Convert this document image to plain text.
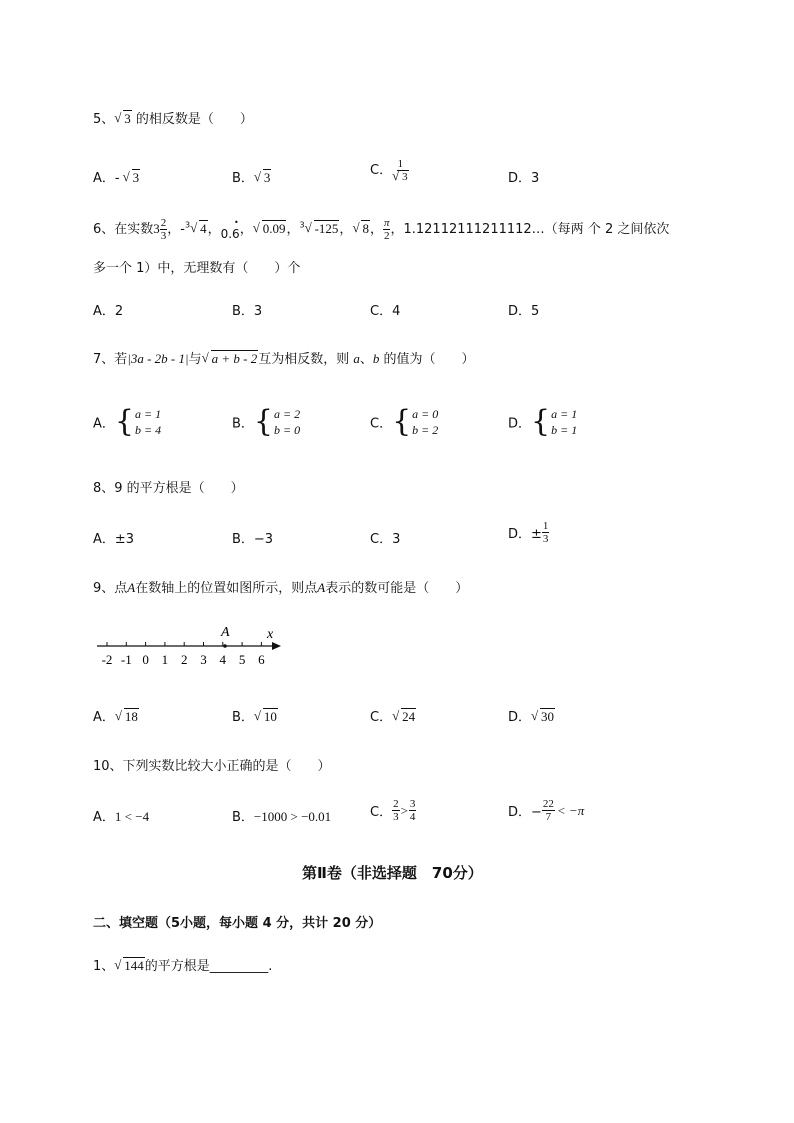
5、 √ 3 的相反数是（　　）
A．- √ 3	B． √ 3	C． 1
√ 3	D．3
6、在实数$3 \frac{2}{3}$ ，-$^3$ √ 4，0.6
• ， √ 0.09，$^3$ √ -125， √ 8， $\frac{\pi}{2}$ ，1.12112111211112…（每两 个 2 之间依次
多一个 1）中，无理数有（　　）个
A．2	B．3	C．4	D．5
7、若|3a - 2b - 1|与 √ a + b - 2互为相反数，则 a、b 的值为（　　）
A． { a = 1
b = 4	B． { a = 2
b = 0	C． { a = 0
b = 2	D． { a = 1
b = 1
8、9 的平方根是（　　）
A．±3	B．−3	C．3	D．± $\frac{1}{3}$
9、点A在数轴上的位置如图所示，则点A表示的数可能是（　　）
A	x
-2 -1 0 1 2 3 4 5 6
A． √ 18	B． √ 10	C． √ 24	D． √ 30
10、下列实数比较大小正确的是（　　）
A．1 < −4	B．−1000 > −0.01	C． $\frac{2}{3} > \frac{3}{4}$	D．− $\frac{22}{7} < -\pi$
第Ⅱ卷（非选择题　70分）
二、填空题（5小题，每小题 4 分，共计 20 分）
1、 √ 144的平方根是_________.
